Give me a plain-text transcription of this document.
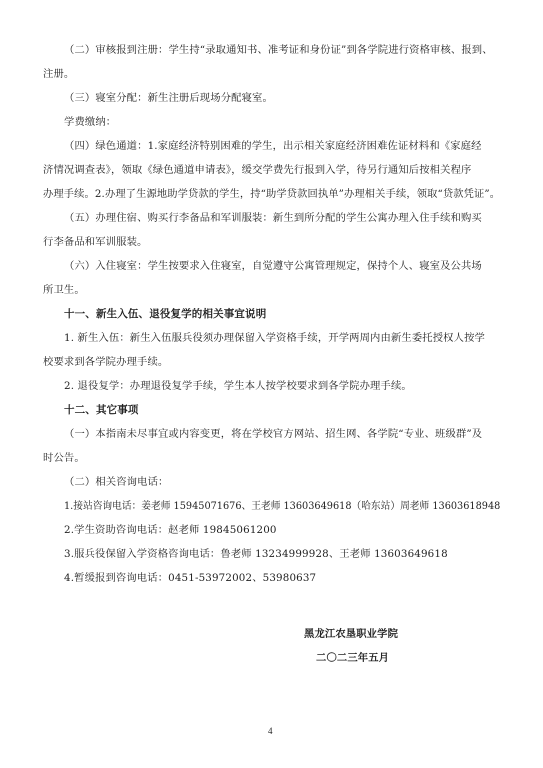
（二）审核报到注册：学生持“录取通知书、准考证和身份证”到各学院进行资格审核、报到、
注册。
（三）寝室分配：新生注册后现场分配寝室。
学费缴纳：
（四）绿色通道：1.家庭经济特别困难的学生，出示相关家庭经济困难佐证材料和《家庭经
济情况调查表》，领取《绿色通道申请表》，缓交学费先行报到入学，待另行通知后按相关程序
办理手续。2.办理了生源地助学贷款的学生，持“助学贷款回执单”办理相关手续，领取“贷款凭证”。
（五）办理住宿、购买行李备品和军训服装：新生到所分配的学生公寓办理入住手续和购买
行李备品和军训服装。
（六）入住寝室：学生按要求入住寝室，自觉遵守公寓管理规定，保持个人、寝室及公共场
所卫生。
十一、新生入伍、退役复学的相关事宜说明
1. 新生入伍：新生入伍服兵役须办理保留入学资格手续，开学两周内由新生委托授权人按学
校要求到各学院办理手续。
2. 退役复学：办理退役复学手续，学生本人按学校要求到各学院办理手续。
十二、其它事项
（一）本指南未尽事宜或内容变更，将在学校官方网站、招生网、各学院“专业、班级群”及
时公告。
（二）相关咨询电话：
1.接站咨询电话：姜老师 15945071676、王老师 13603649618（哈东站）周老师 13603618948
2.学生资助咨询电话：赵老师 19845061200
3.服兵役保留入学资格咨询电话：鲁老师 13234999928、王老师 13603649618
4.暂缓报到咨询电话：0451-53972002、53980637
黑龙江农垦职业学院
二〇二三年五月
4
